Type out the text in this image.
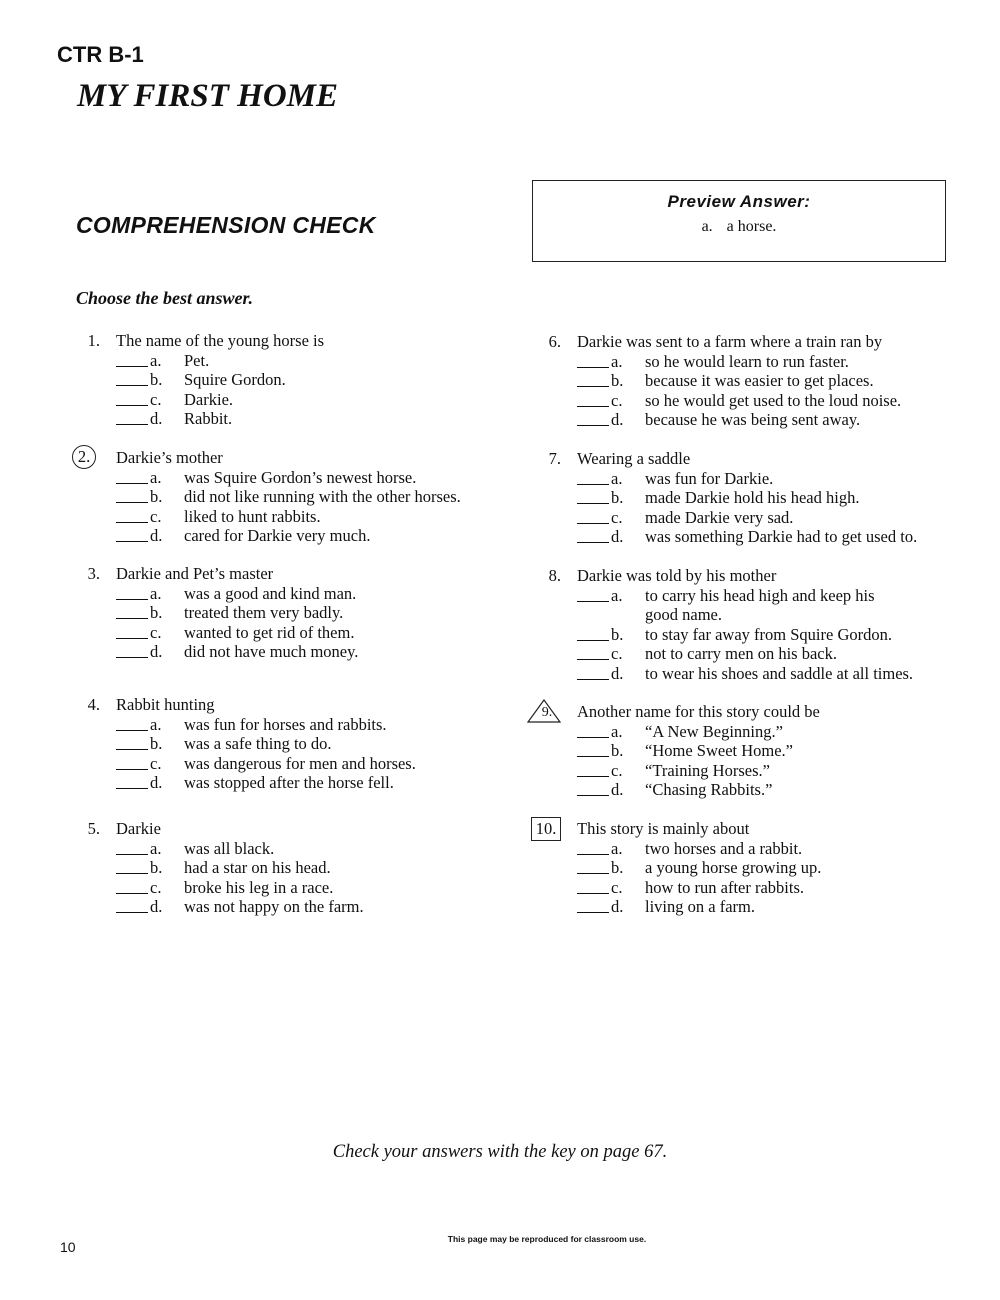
CTR B-1
MY FIRST HOME
COMPREHENSION CHECK
Preview Answer:
a. a horse.
Choose the best answer.
1. The name of the young horse is
a. Pet.
b. Squire Gordon.
c. Darkie.
d. Rabbit.
2.	Darkie’s mother
a. was Squire Gordon’s newest horse.
b. did not like running with the other horses.
c. liked to hunt rabbits.
d. cared for Darkie very much.
3. Darkie and Pet’s master
a. was a good and kind man.
b. treated them very badly.
c. wanted to get rid of them.
d. did not have much money.
4. Rabbit hunting
a. was fun for horses and rabbits.
b. was a safe thing to do.
c. was dangerous for men and horses.
d. was stopped after the horse fell.
5. Darkie
a. was all black.
b. had a star on his head.
c. broke his leg in a race.
d. was not happy on the farm.
6. Darkie was sent to a farm where a train ran by
a. so he would learn to run faster.
b. because it was easier to get places.
c. so he would get used to the loud noise.
d. because he was being sent away.
7. Wearing a saddle
a. was fun for Darkie.
b. made Darkie hold his head high.
c. made Darkie very sad.
d. was something Darkie had to get used to.
8. Darkie was told by his mother
a. to carry his head high and keep his
good name.
b. to stay far away from Squire Gordon.
c. not to carry men on his back.
d. to wear his shoes and saddle at all times.
9.	Another name for this story could be
a. “A New Beginning.”
b. “Home Sweet Home.”
c. “Training Horses.”
d. “Chasing Rabbits.”
10. This story is mainly about
a. two horses and a rabbit.
b. a young horse growing up.
c. how to run after rabbits.
d. living on a farm.
Check your answers with the key on page 67.
10	This page may be reproduced for classroom use.
